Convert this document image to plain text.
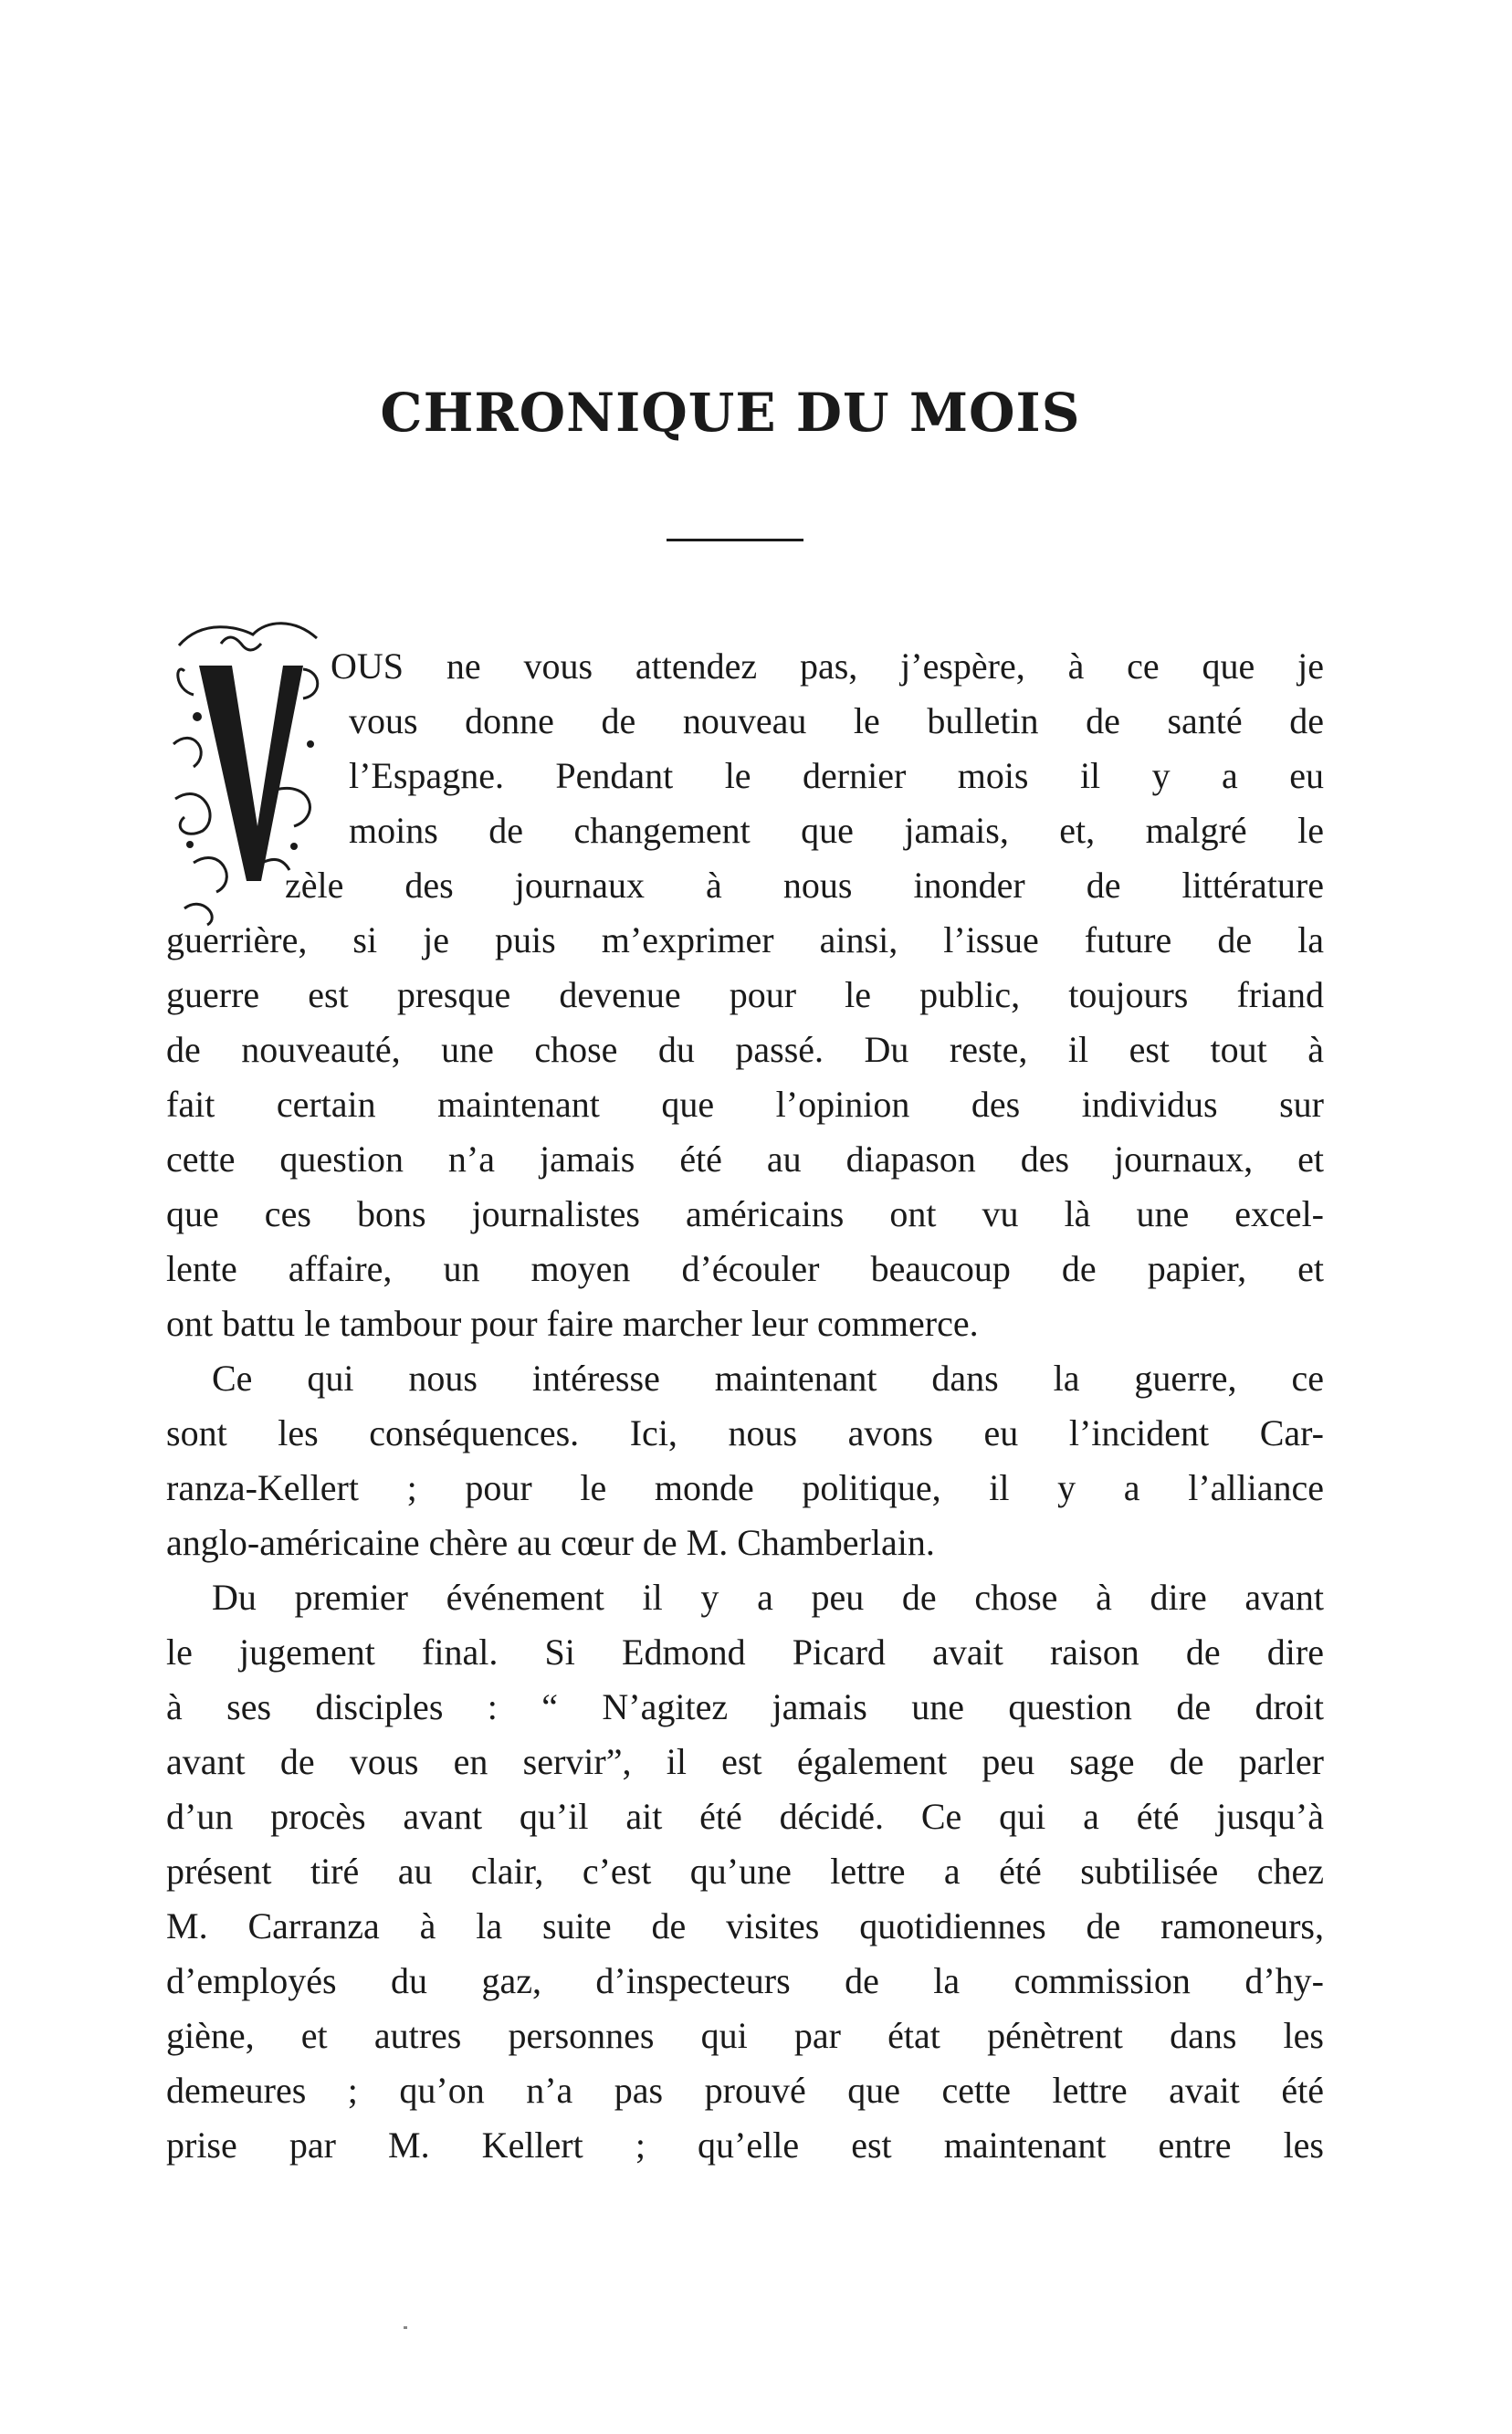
CHRONIQUE DU MOIS
OUS ne vous attendez pas, j’espère, à ce que je
vous donne de nouveau le bulletin de santé de
l’Espagne. Pendant le dernier mois il y a eu
moins de changement que jamais, et, malgré le
zèle des journaux à nous inonder de littérature
guerrière, si je puis m’exprimer ainsi, l’issue future de la
guerre est presque devenue pour le public, toujours friand
de nouveauté, une chose du passé. Du reste, il est tout à
fait certain maintenant que l’opinion des individus sur
cette question n’a jamais été au diapason des journaux, et
que ces bons journalistes américains ont vu là une excel-
lente affaire, un moyen d’écouler beaucoup de papier, et
ont battu le tambour pour faire marcher leur commerce.
Ce qui nous intéresse maintenant dans la guerre, ce
sont les conséquences. Ici, nous avons eu l’incident Car-
ranza-Kellert ; pour le monde politique, il y a l’alliance
anglo-américaine chère au cœur de M. Chamberlain.
Du premier événement il y a peu de chose à dire avant
le jugement final. Si Edmond Picard avait raison de dire
à ses disciples : “ N’agitez jamais une question de droit
avant de vous en servir”, il est également peu sage de parler
d’un procès avant qu’il ait été décidé. Ce qui a été jusqu’à
présent tiré au clair, c’est qu’une lettre a été subtilisée chez
M. Carranza à la suite de visites quotidiennes de ramoneurs,
d’employés du gaz, d’inspecteurs de la commission d’hy-
giène, et autres personnes qui par état pénètrent dans les
demeures ; qu’on n’a pas prouvé que cette lettre avait été
prise par M. Kellert ; qu’elle est maintenant entre les
